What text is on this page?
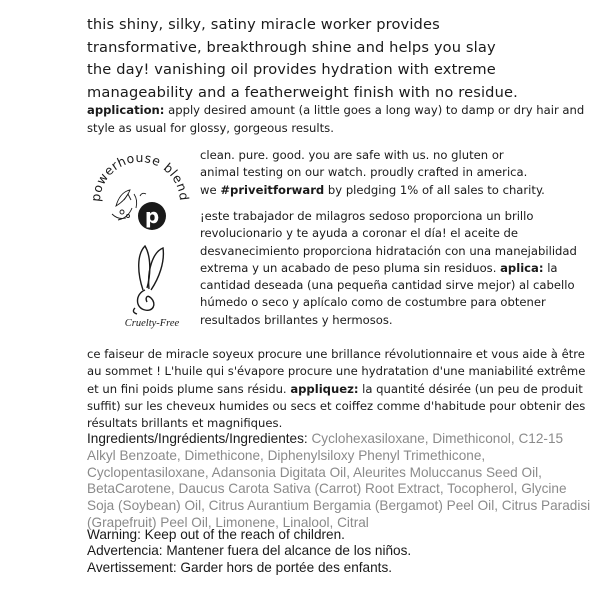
this shiny, silky, satiny miracle worker provides
transformative, breakthrough shine and helps you slay
the day! vanishing oil provides hydration with extreme
manageability and a featherweight finish with no residue.
application: apply desired amount (a little goes a long way) to damp or dry hair and style as usual for glossy, gorgeous results.
powerhouse blend
p
Cruelty-Free
clean. pure. good. you are safe with us. no gluten or
animal testing on our watch. proudly crafted in america.
we #priveitforward by pledging 1% of all sales to charity.
¡este trabajador de milagros sedoso proporciona un brillo revolucionario y te ayuda a coronar el día! el aceite de desvanecimiento proporciona hidratación con una manejabilidad extrema y un acabado de peso pluma sin residuos. aplica: la cantidad deseada (una pequeña cantidad sirve mejor) al cabello húmedo o seco y aplícalo como de costumbre para obtener resultados brillantes y hermosos.
ce faiseur de miracle soyeux procure une brillance révolutionnaire et vous aide à être au sommet ! L'huile qui s'évapore procure une hydratation d'une maniabilité extrême et un fini poids plume sans résidu. appliquez: la quantité désirée (un peu de produit suffit) sur les cheveux humides ou secs et coiffez comme d'habitude pour obtenir des résultats brillants et magnifiques.
Ingredients/Ingrédients/Ingredientes: Cyclohexasiloxane, Dimethiconol, C12-15 Alkyl Benzoate, Dimethicone, Diphenylsiloxy Phenyl Trimethicone, Cyclopentasiloxane, Adansonia Digitata Oil, Aleurites Moluccanus Seed Oil, BetaCarotene, Daucus Carota Sativa (Carrot) Root Extract, Tocopherol, Glycine Soja (Soybean) Oil, Citrus Aurantium Bergamia (Bergamot) Peel Oil, Citrus Paradisi (Grapefruit) Peel Oil, Limonene, Linalool, Citral
Warning: Keep out of the reach of children.
Advertencia: Mantener fuera del alcance de los niños.
Avertissement: Garder hors de portée des enfants.
